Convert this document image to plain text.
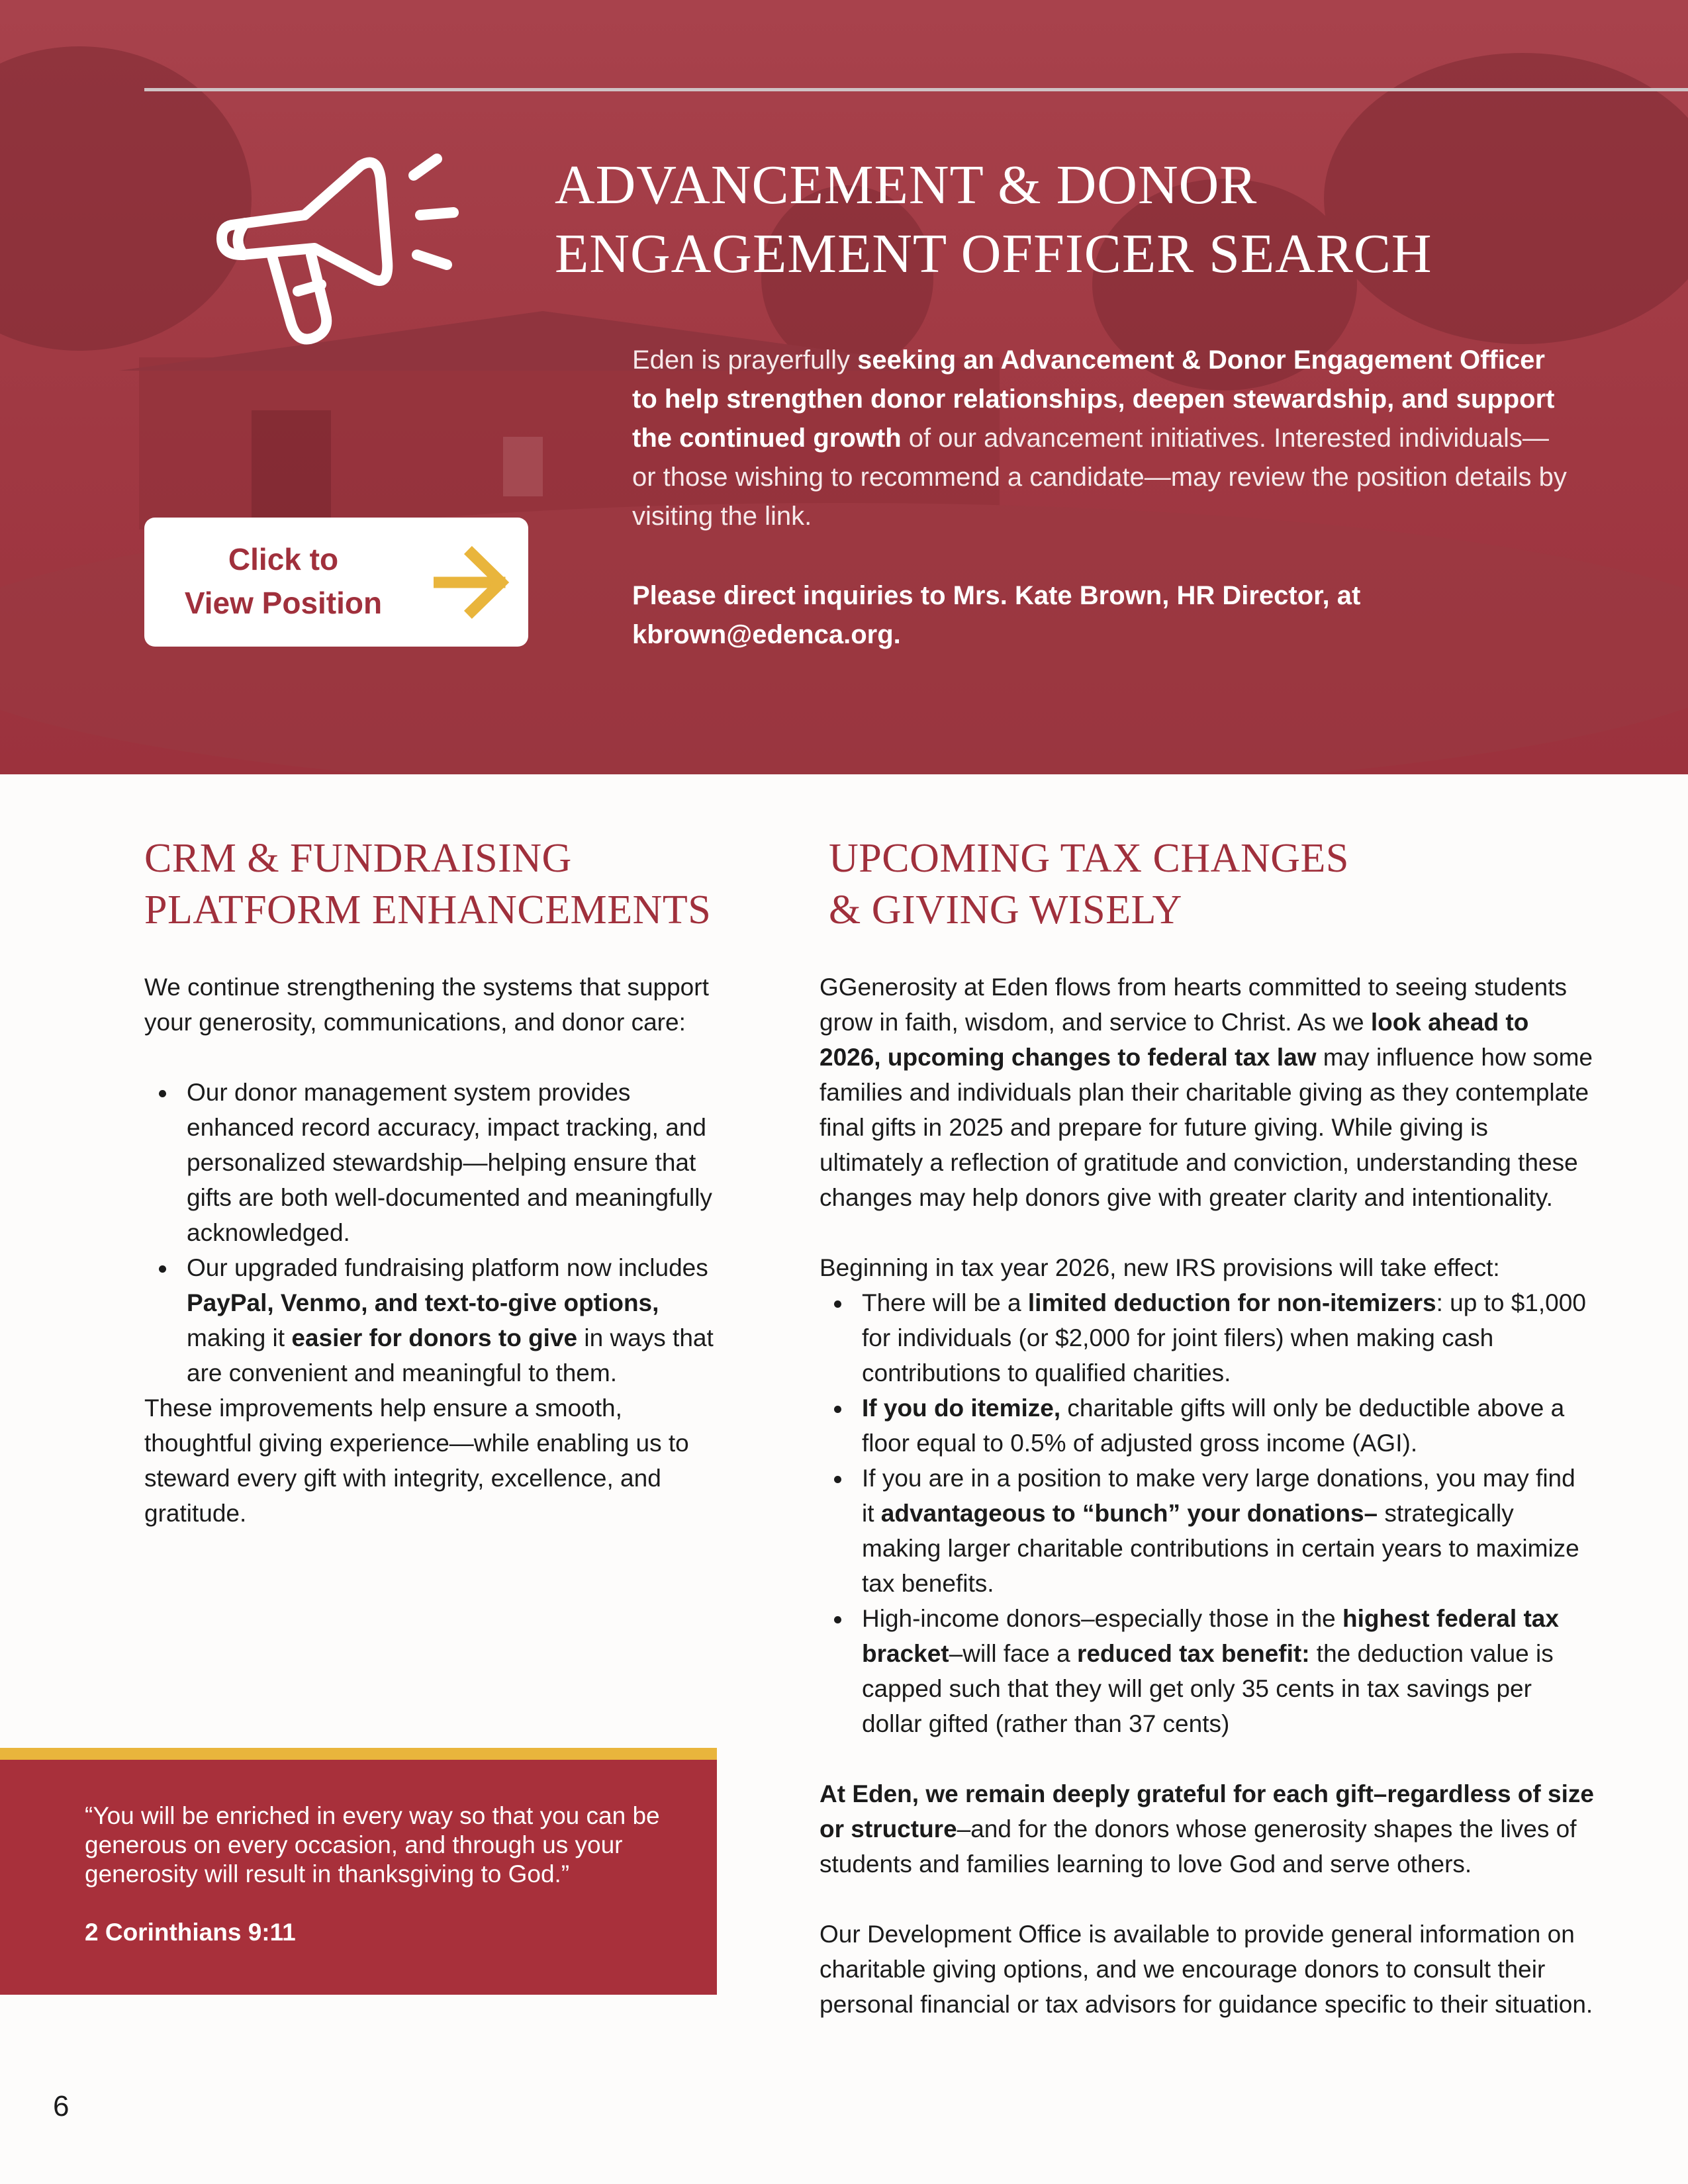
ADVANCEMENT & DONOR
ENGAGEMENT OFFICER SEARCH

Eden is prayerfully seeking an Advancement & Donor Engagement Officer to help strengthen donor relationships, deepen stewardship, and support the continued growth of our advancement initiatives. Interested individuals—or those wishing to recommend a candidate—may review the position details by visiting the link.

Please direct inquiries to Mrs. Kate Brown, HR Director, at kbrown@edenca.org.

Click to
View Position
CRM & FUNDRAISING
PLATFORM ENHANCEMENTS
UPCOMING TAX CHANGES
& GIVING WISELY

We continue strengthening the systems that support your generosity, communications, and donor care:

Our donor management system provides enhanced record accuracy, impact tracking, and personalized stewardship—helping ensure that gifts are both well-documented and meaningfully acknowledged.
Our upgraded fundraising platform now includes PayPal, Venmo, and text-to-give options, making it easier for donors to give in ways that are convenient and meaningful to them.

These improvements help ensure a smooth, thoughtful giving experience—while enabling us to steward every gift with integrity, excellence, and gratitude.

GGenerosity at Eden flows from hearts committed to seeing students grow in faith, wisdom, and service to Christ. As we look ahead to 2026, upcoming changes to federal tax law may influence how some families and individuals plan their charitable giving as they contemplate final gifts in 2025 and prepare for future giving. While giving is ultimately a reflection of gratitude and conviction, understanding these changes may help donors give with greater clarity and intentionality.

Beginning in tax year 2026, new IRS provisions will take effect:

There will be a limited deduction for non-itemizers: up to $1,000 for individuals (or $2,000 for joint filers) when making cash contributions to qualified charities.
If you do itemize, charitable gifts will only be deductible above a floor equal to 0.5% of adjusted gross income (AGI).
If you are in a position to make very large donations, you may find it advantageous to “bunch” your donations– strategically making larger charitable contributions in certain years to maximize tax benefits.
High-income donors–especially those in the highest federal tax bracket–will face a reduced tax benefit: the deduction value is capped such that they will get only 35 cents in tax savings per dollar gifted (rather than 37 cents)

At Eden, we remain deeply grateful for each gift–regardless of size or structure–and for the donors whose generosity shapes the lives of students and families learning to love God and serve others.

Our Development Office is available to provide general information on charitable giving options, and we encourage donors to consult their personal financial or tax advisors for guidance specific to their situation.

“You will be enriched in every way so that you can be generous on every occasion, and through us your generosity will result in thanksgiving to God.”

2 Corinthians 9:11

6
